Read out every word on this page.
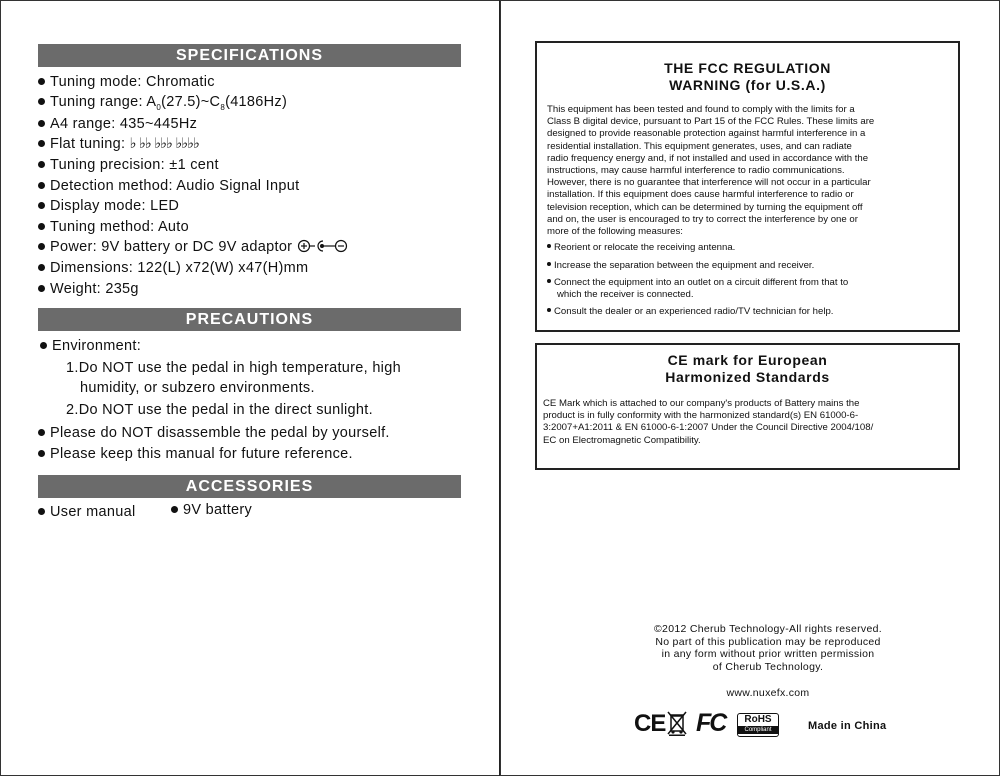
SPECIFICATIONS
Tuning mode: Chromatic
Tuning range: $A_0(27.5)\sim C_8(4186Hz)$
A4 range: 435~445Hz
Flat tuning: ♭ ♭♭ ♭♭♭ ♭♭♭♭
Tuning precision: ±1 cent
Detection method: Audio Signal Input
Display mode: LED
Tuning method: Auto
Power: 9V battery or DC 9V adaptor
Dimensions: 122(L) x72(W) x47(H)mm
Weight: 235g
PRECAUTIONS
Environment:
1.Do NOT use the pedal in high temperature, high
humidity, or subzero environments.
2.Do NOT use the pedal in the direct sunlight.
Please do NOT disassemble the pedal by yourself.
Please keep this manual for future reference.
ACCESSORIES
User manual	9V battery
THE FCC REGULATION
WARNING (for U.S.A.)
This equipment has been tested and found to comply with the limits for a
Class B digital device, pursuant to Part 15 of the FCC Rules. These limits are
designed to provide reasonable protection against harmful interference in a
residential installation. This equipment generates, uses, and can radiate
radio frequency energy and, if not installed and used in accordance with the
instructions, may cause harmful interference to radio communications.
However, there is no guarantee that interference will not occur in a particular
installation. If this equipment does cause harmful interference to radio or
television reception, which can be determined by turning the equipment off
and on, the user is encouraged to try to correct the interference by one or
more of the following measures:
Reorient or relocate the receiving antenna.
Increase the separation between the equipment and receiver.
Connect the equipment into an outlet on a circuit different from that to
which the receiver is connected.
Consult the dealer or an experienced radio/TV technician for help.
CE mark for European
Harmonized Standards
CE Mark which is attached to our company's products of Battery mains the
product is in fully conformity with the harmonized standard(s) EN 61000-6-
3:2007+A1:2011 & EN 61000-6-1:2007 Under the Council Directive 2004/108/
EC on Electromagnetic Compatibility.
©2012 Cherub Technology-All rights reserved.
No part of this publication may be reproduced
in any form without prior written permission
of Cherub Technology.
www.nuxefx.com
CE FC	RoHS
Compliant	Made in China
